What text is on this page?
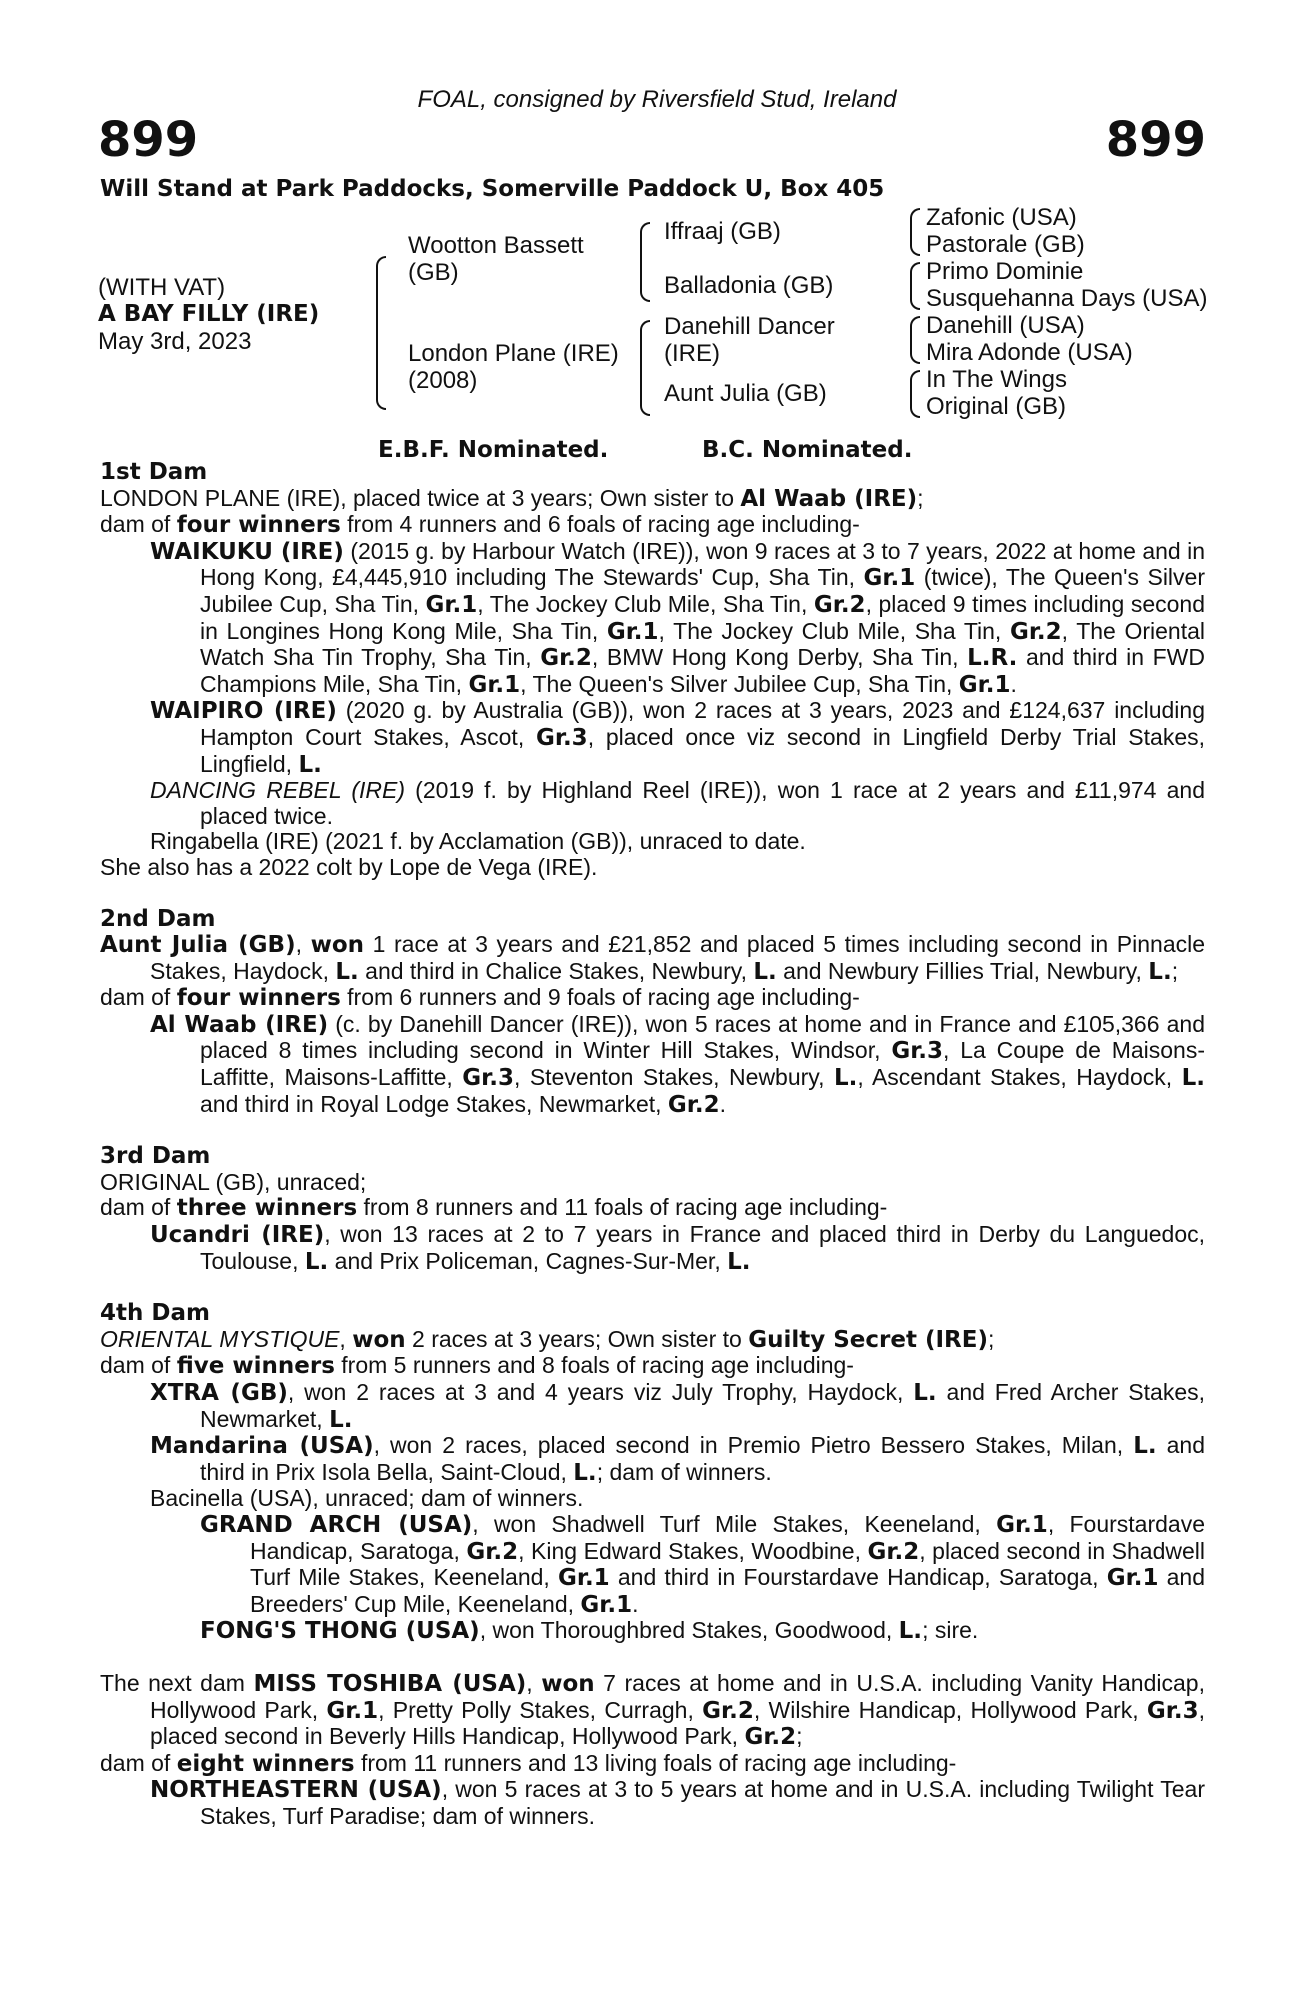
FOAL, consigned by Riversfield Stud, Ireland
899	899
Will Stand at Park Paddocks, Somerville Paddock U, Box 405
(WITH VAT)
A BAY FILLY (IRE)
May 3rd, 2023
Wootton Bassett
(GB)
London Plane (IRE)
(2008)
Iffraaj (GB)
Balladonia (GB)
Danehill Dancer
(IRE)
Aunt Julia (GB)
Zafonic (USA)
Pastorale (GB)
Primo Dominie
Susquehanna Days (USA)
Danehill (USA)
Mira Adonde (USA)
In The Wings
Original (GB)
E.B.F. Nominated.	B.C. Nominated.

1st Dam

LONDON PLANE (IRE), placed twice at 3 years; Own sister to Al Waab (IRE);

dam of four winners from 4 runners and 6 foals of racing age including-

WAIKUKU (IRE) (2015 g. by Harbour Watch (IRE)), won 9 races at 3 to 7 years, 2022 at home and in Hong Kong, £4,445,910 including The Stewards' Cup, Sha Tin, Gr.1 (twice), The Queen's Silver Jubilee Cup, Sha Tin, Gr.1, The Jockey Club Mile, Sha Tin, Gr.2, placed 9 times including second in Longines Hong Kong Mile, Sha Tin, Gr.1, The Jockey Club Mile, Sha Tin, Gr.2, The Oriental Watch Sha Tin Trophy, Sha Tin, Gr.2, BMW Hong Kong Derby, Sha Tin, L.R. and third in FWD Champions Mile, Sha Tin, Gr.1, The Queen's Silver Jubilee Cup, Sha Tin, Gr.1.

WAIPIRO (IRE) (2020 g. by Australia (GB)), won 2 races at 3 years, 2023 and £124,637 including Hampton Court Stakes, Ascot, Gr.3, placed once viz second in Lingfield Derby Trial Stakes, Lingfield, L.

DANCING REBEL (IRE) (2019 f. by Highland Reel (IRE)), won 1 race at 2 years and £11,974 and placed twice.

Ringabella (IRE) (2021 f. by Acclamation (GB)), unraced to date.

She also has a 2022 colt by Lope de Vega (IRE).

2nd Dam

Aunt Julia (GB), won 1 race at 3 years and £21,852 and placed 5 times including second in Pinnacle Stakes, Haydock, L. and third in Chalice Stakes, Newbury, L. and Newbury Fillies Trial, Newbury, L.;

dam of four winners from 6 runners and 9 foals of racing age including-

Al Waab (IRE) (c. by Danehill Dancer (IRE)), won 5 races at home and in France and £105,366 and placed 8 times including second in Winter Hill Stakes, Windsor, Gr.3, La Coupe de Maisons-Laffitte, Maisons-Laffitte, Gr.3, Steventon Stakes, Newbury, L., Ascendant Stakes, Haydock, L. and third in Royal Lodge Stakes, Newmarket, Gr.2.

3rd Dam

ORIGINAL (GB), unraced;

dam of three winners from 8 runners and 11 foals of racing age including-

Ucandri (IRE), won 13 races at 2 to 7 years in France and placed third in Derby du Languedoc, Toulouse, L. and Prix Policeman, Cagnes-Sur-Mer, L.

4th Dam

ORIENTAL MYSTIQUE, won 2 races at 3 years; Own sister to Guilty Secret (IRE);

dam of five winners from 5 runners and 8 foals of racing age including-

XTRA (GB), won 2 races at 3 and 4 years viz July Trophy, Haydock, L. and Fred Archer Stakes, Newmarket, L.

Mandarina (USA), won 2 races, placed second in Premio Pietro Bessero Stakes, Milan, L. and third in Prix Isola Bella, Saint-Cloud, L.; dam of winners.

Bacinella (USA), unraced; dam of winners.

GRAND ARCH (USA), won Shadwell Turf Mile Stakes, Keeneland, Gr.1, Fourstardave Handicap, Saratoga, Gr.2, King Edward Stakes, Woodbine, Gr.2, placed second in Shadwell Turf Mile Stakes, Keeneland, Gr.1 and third in Fourstardave Handicap, Saratoga, Gr.1 and Breeders' Cup Mile, Keeneland, Gr.1.

FONG'S THONG (USA), won Thoroughbred Stakes, Goodwood, L.; sire.

The next dam MISS TOSHIBA (USA), won 7 races at home and in U.S.A. including Vanity Handicap, Hollywood Park, Gr.1, Pretty Polly Stakes, Curragh, Gr.2, Wilshire Handicap, Hollywood Park, Gr.3, placed second in Beverly Hills Handicap, Hollywood Park, Gr.2;

dam of eight winners from 11 runners and 13 living foals of racing age including-

NORTHEASTERN (USA), won 5 races at 3 to 5 years at home and in U.S.A. including Twilight Tear Stakes, Turf Paradise; dam of winners.
